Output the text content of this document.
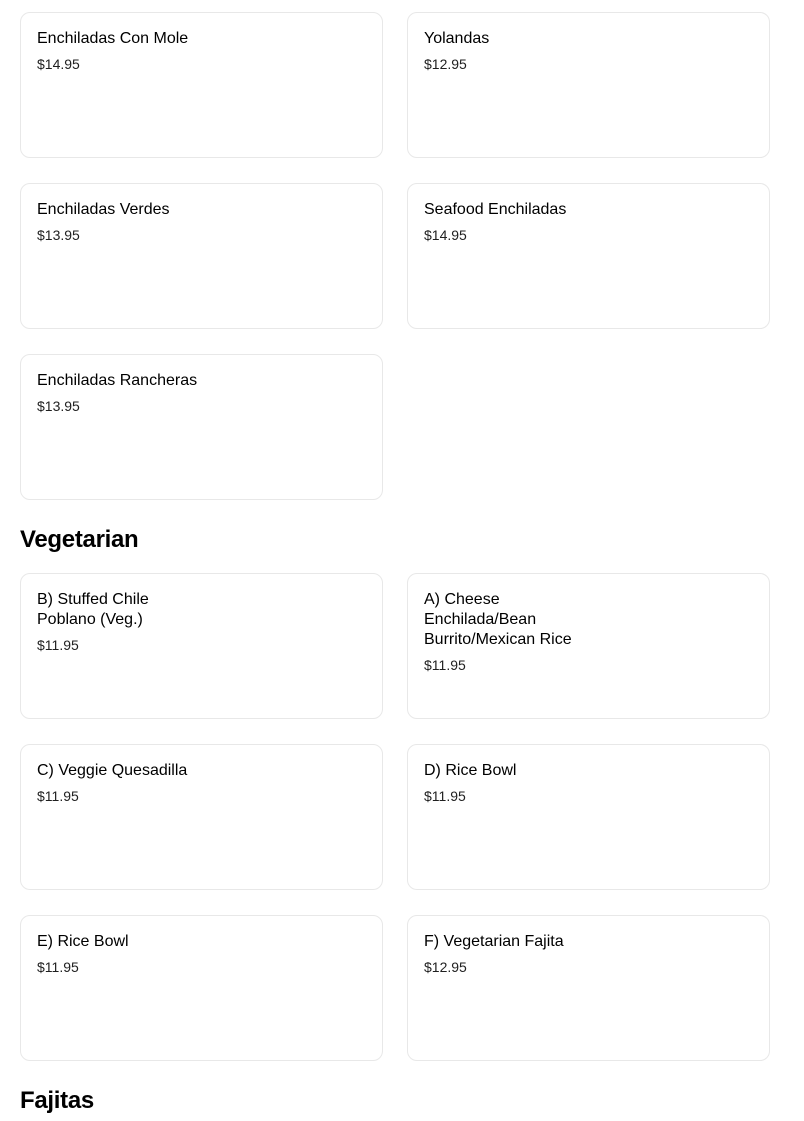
Enchiladas Con Mole
$14.95
Yolandas
$12.95
Enchiladas Verdes
$13.95
Seafood Enchiladas
$14.95
Enchiladas Rancheras
$13.95
Vegetarian
B) Stuffed Chile Poblano (Veg.)
$11.95
A) Cheese Enchilada/Bean Burrito/Mexican Rice
$11.95
C) Veggie Quesadilla
$11.95
D) Rice Bowl
$11.95
E) Rice Bowl
$11.95
F) Vegetarian Fajita
$12.95
Fajitas
